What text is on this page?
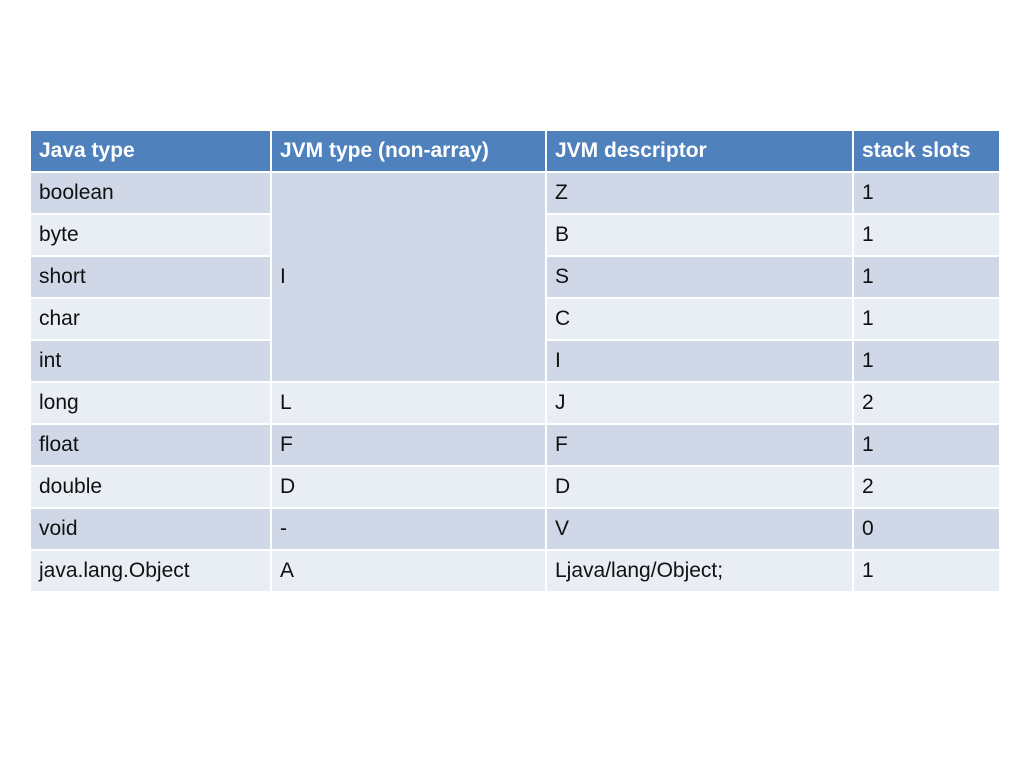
Java type	JVM type (non-array)	JVM descriptor	stack slots
boolean	I	Z	1
byte		B	1
short		S	1
char		C	1
int		I	1
long	L	J	2
float	F	F	1
double	D	D	2
void	-	V	0
java.lang.Object	A	Ljava/lang/Object;	1
